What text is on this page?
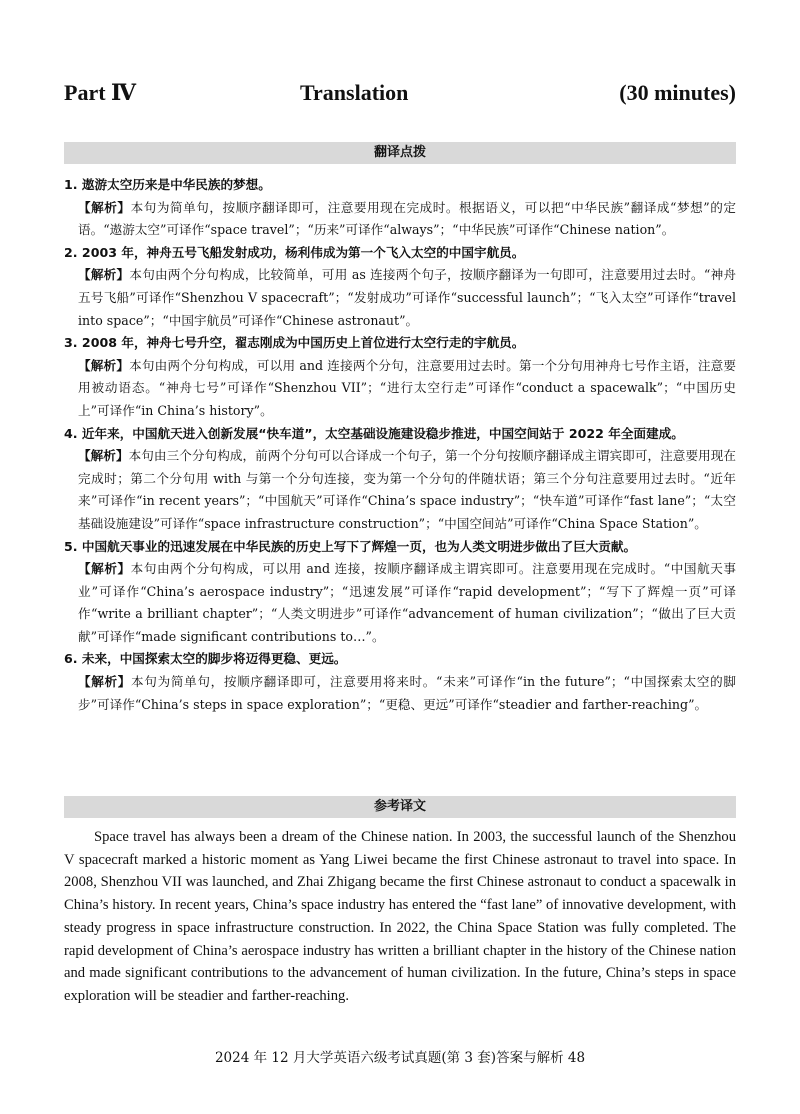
Part Ⅳ	Translation	(30 minutes)
翻译点拨
1. 遨游太空历来是中华民族的梦想。
【解析】本句为简单句，按顺序翻译即可，注意要用现在完成时。根据语义，可以把“中华民族”翻译成“梦想”的定语。“遨游太空”可译作“space travel”；“历来”可译作“always”；“中华民族”可译作“Chinese nation”。
2. 2003 年，神舟五号飞船发射成功，杨利伟成为第一个飞入太空的中国宇航员。
【解析】本句由两个分句构成，比较简单，可用 as 连接两个句子，按顺序翻译为一句即可，注意要用过去时。“神舟五号飞船”可译作“Shenzhou V spacecraft”；“发射成功”可译作“successful launch”；“飞入太空”可译作“travel into space”；“中国宇航员”可译作“Chinese astronaut”。
3. 2008 年，神舟七号升空，翟志刚成为中国历史上首位进行太空行走的宇航员。
【解析】本句由两个分句构成，可以用 and 连接两个分句，注意要用过去时。第一个分句用神舟七号作主语，注意要用被动语态。“神舟七号”可译作“Shenzhou VII”；“进行太空行走”可译作“conduct a spacewalk”；“中国历史上”可译作“in China’s history”。
4. 近年来，中国航天进入创新发展“快车道”，太空基础设施建设稳步推进，中国空间站于 2022 年全面建成。
【解析】本句由三个分句构成，前两个分句可以合译成一个句子，第一个分句按顺序翻译成主谓宾即可，注意要用现在完成时；第二个分句用 with 与第一个分句连接，变为第一个分句的伴随状语；第三个分句注意要用过去时。“近年来”可译作“in recent years”；“中国航天”可译作“China’s space industry”；“快车道”可译作“fast lane”；“太空基础设施建设”可译作“space infrastructure construction”；“中国空间站”可译作“China Space Station”。
5. 中国航天事业的迅速发展在中华民族的历史上写下了辉煌一页，也为人类文明进步做出了巨大贡献。
【解析】本句由两个分句构成，可以用 and 连接，按顺序翻译成主谓宾即可。注意要用现在完成时。“中国航天事业”可译作“China’s aerospace industry”；“迅速发展”可译作“rapid development”；“写下了辉煌一页”可译作“write a brilliant chapter”；“人类文明进步”可译作“advancement of human civilization”；“做出了巨大贡献”可译作“made significant contributions to…”。
6. 未来，中国探索太空的脚步将迈得更稳、更远。
【解析】本句为简单句，按顺序翻译即可，注意要用将来时。“未来”可译作“in the future”；“中国探索太空的脚步”可译作“China’s steps in space exploration”；“更稳、更远”可译作“steadier and farther-reaching”。
参考译文
Space travel has always been a dream of the Chinese nation. In 2003, the successful launch of the Shenzhou V spacecraft marked a historic moment as Yang Liwei became the first Chinese astronaut to travel into space. In 2008, Shenzhou VII was launched, and Zhai Zhigang became the first Chinese astronaut to conduct a spacewalk in China’s history. In recent years, China’s space industry has entered the “fast lane” of innovative development, with steady progress in space infrastructure construction. In 2022, the China Space Station was fully completed. The rapid development of China’s aerospace industry has written a brilliant chapter in the history of the Chinese nation and made significant contributions to the advancement of human civilization. In the future, China’s steps in space exploration will be steadier and farther-reaching.
2024 年 12 月大学英语六级考试真题(第 3 套)答案与解析 48
